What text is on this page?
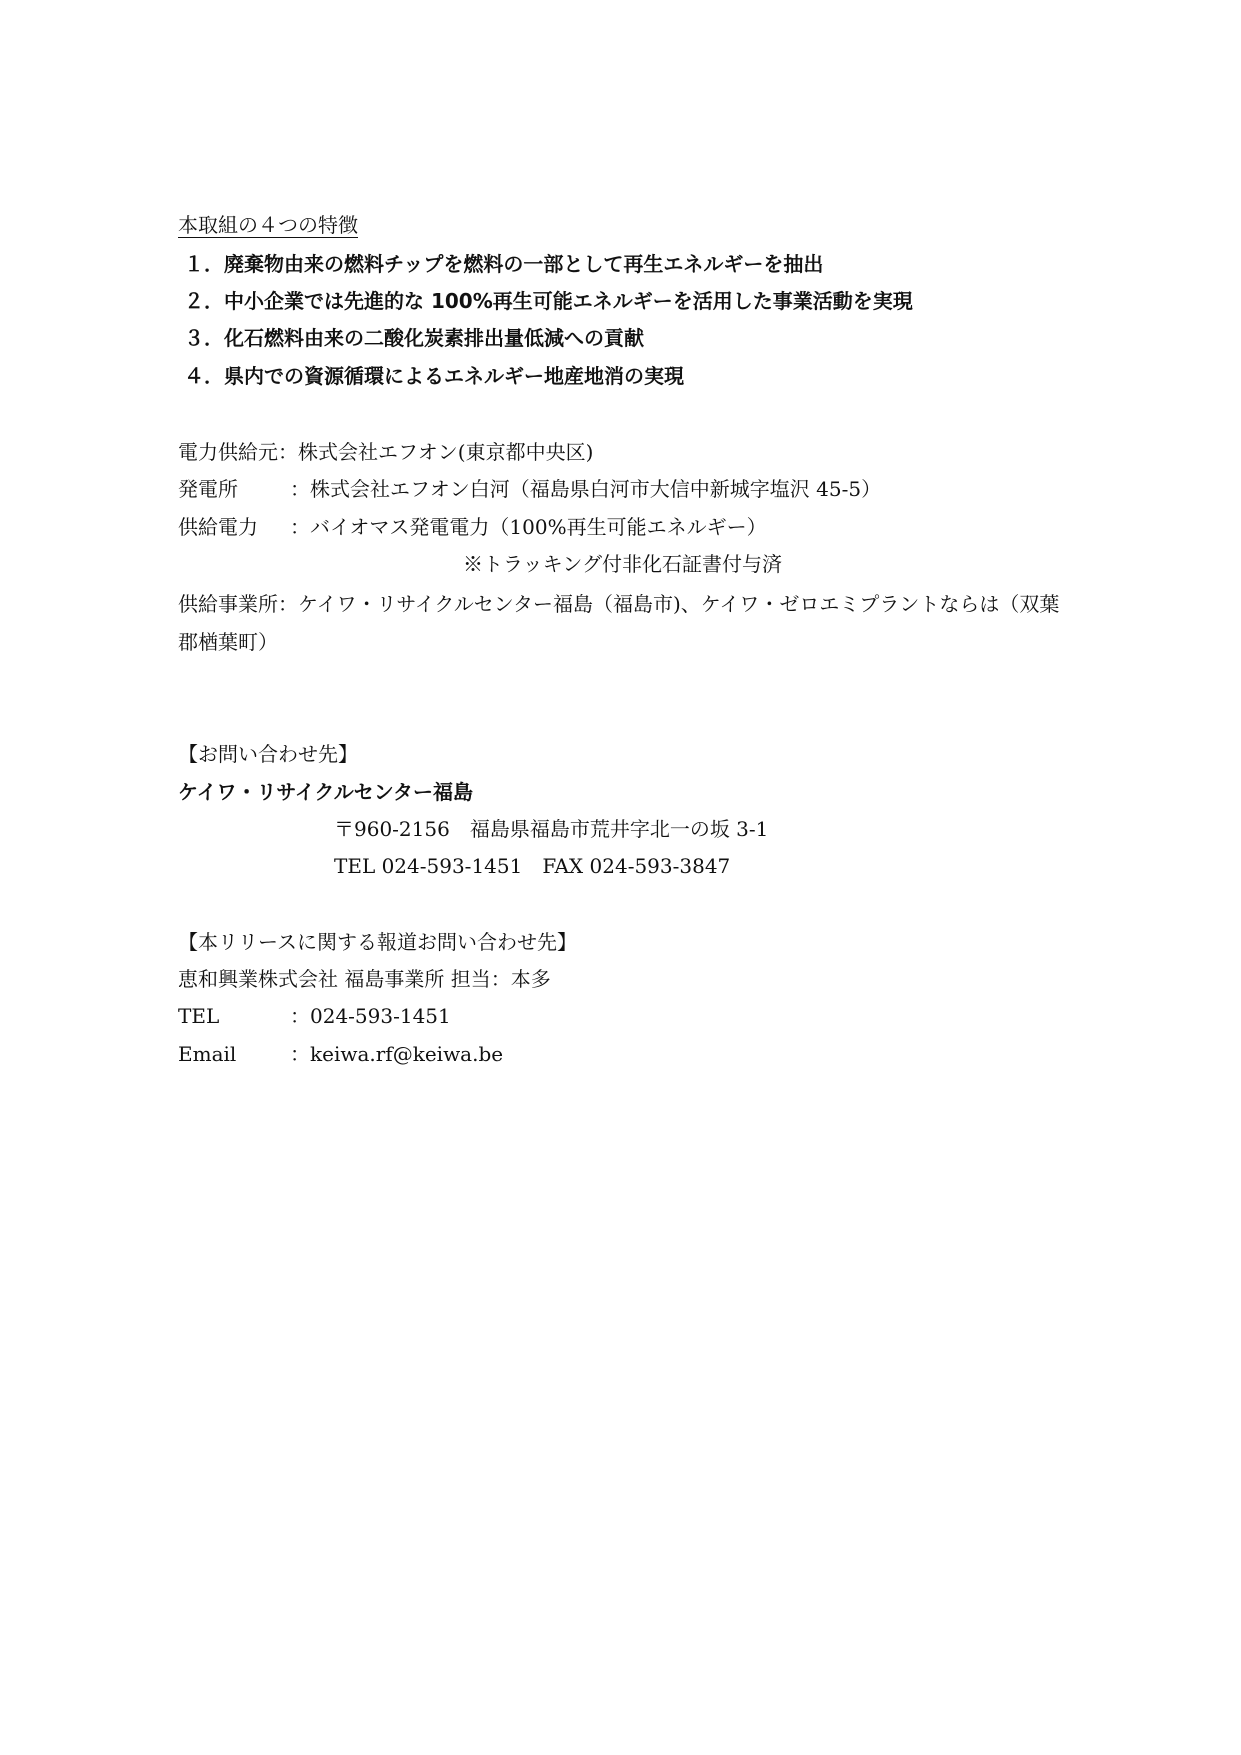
本取組の４つの特徴
１．廃棄物由来の燃料チップを燃料の一部として再生エネルギーを抽出
２．中小企業では先進的な 100%再生可能エネルギーを活用した事業活動を実現
３．化石燃料由来の二酸化炭素排出量低減への貢献
４．県内での資源循環によるエネルギー地産地消の実現
電力供給元：株式会社エフオン(東京都中央区)
発電所	：株式会社エフオン白河（福島県白河市大信中新城字塩沢 45-5）
供給電力 ：バイオマス発電電力（100%再生可能エネルギー）
※トラッキング付非化石証書付与済
供給事業所：ケイワ・リサイクルセンター福島（福島市)、ケイワ・ゼロエミプラントならは（双葉郡楢葉町）
【お問い合わせ先】
ケイワ・リサイクルセンター福島
〒960-2156　福島県福島市荒井字北一の坂 3-1
TEL 024-593-1451　FAX 024-593-3847
【本リリースに関する報道お問い合わせ先】
恵和興業株式会社 福島事業所 担当：本多
TEL	：024-593-1451
Email	：keiwa.rf@keiwa.be
